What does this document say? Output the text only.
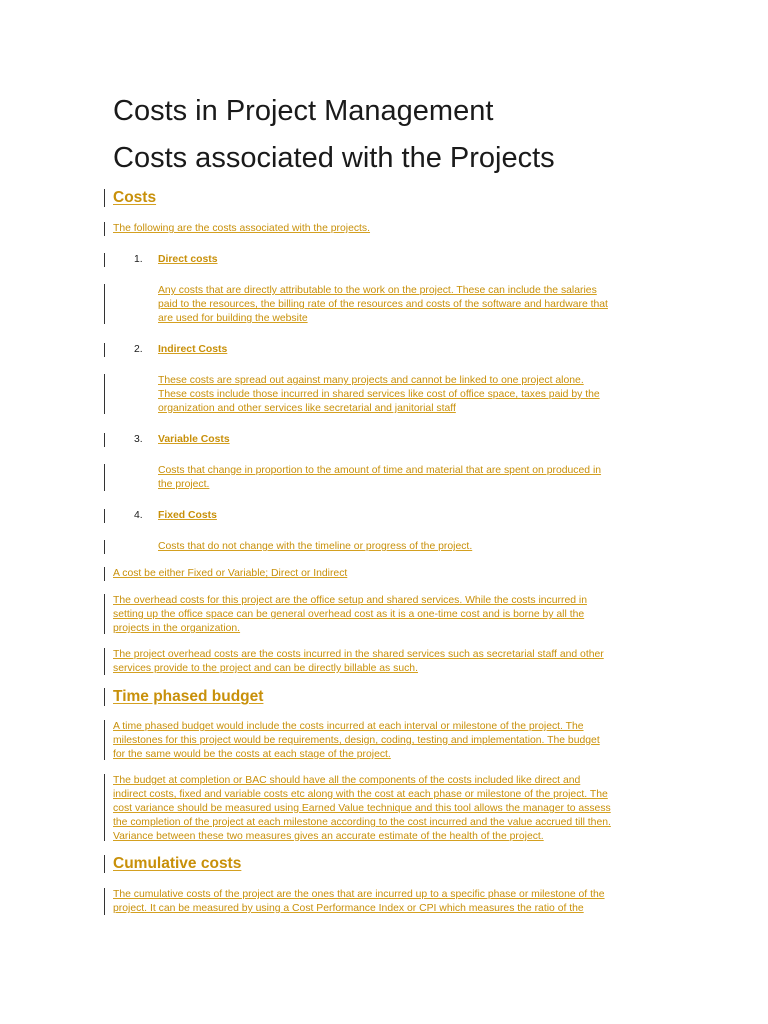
Costs in Project Management
Costs associated with the Projects
Costs

The following are the costs associated with the projects.

1. Direct costs

Any costs that are directly attributable to the work on the project. These can include the salaries
paid to the resources, the billing rate of the resources and costs of the software and hardware that
are used for building the website

2. Indirect Costs

These costs are spread out against many projects and cannot be linked to one project alone.
These costs include those incurred in shared services like cost of office space, taxes paid by the
organization and other services like secretarial and janitorial staff

3. Variable Costs

Costs that change in proportion to the amount of time and material that are spent on produced in
the project.

4. Fixed Costs

Costs that do not change with the timeline or progress of the project.

A cost be either Fixed or Variable; Direct or Indirect

The overhead costs for this project are the office setup and shared services. While the costs incurred in
setting up the office space can be general overhead cost as it is a one-time cost and is borne by all the
projects in the organization.

The project overhead costs are the costs incurred in the shared services such as secretarial staff and other
services provide to the project and can be directly billable as such.

Time phased budget

A time phased budget would include the costs incurred at each interval or milestone of the project. The
milestones for this project would be requirements, design, coding, testing and implementation. The budget
for the same would be the costs at each stage of the project.

The budget at completion or BAC should have all the components of the costs included like direct and
indirect costs, fixed and variable costs etc along with the cost at each phase or milestone of the project. The
cost variance should be measured using Earned Value technique and this tool allows the manager to assess
the completion of the project at each milestone according to the cost incurred and the value accrued till then.
Variance between these two measures gives an accurate estimate of the health of the project.

Cumulative costs

The cumulative costs of the project are the ones that are incurred up to a specific phase or milestone of the
project. It can be measured by using a Cost Performance Index or CPI which measures the ratio of the
